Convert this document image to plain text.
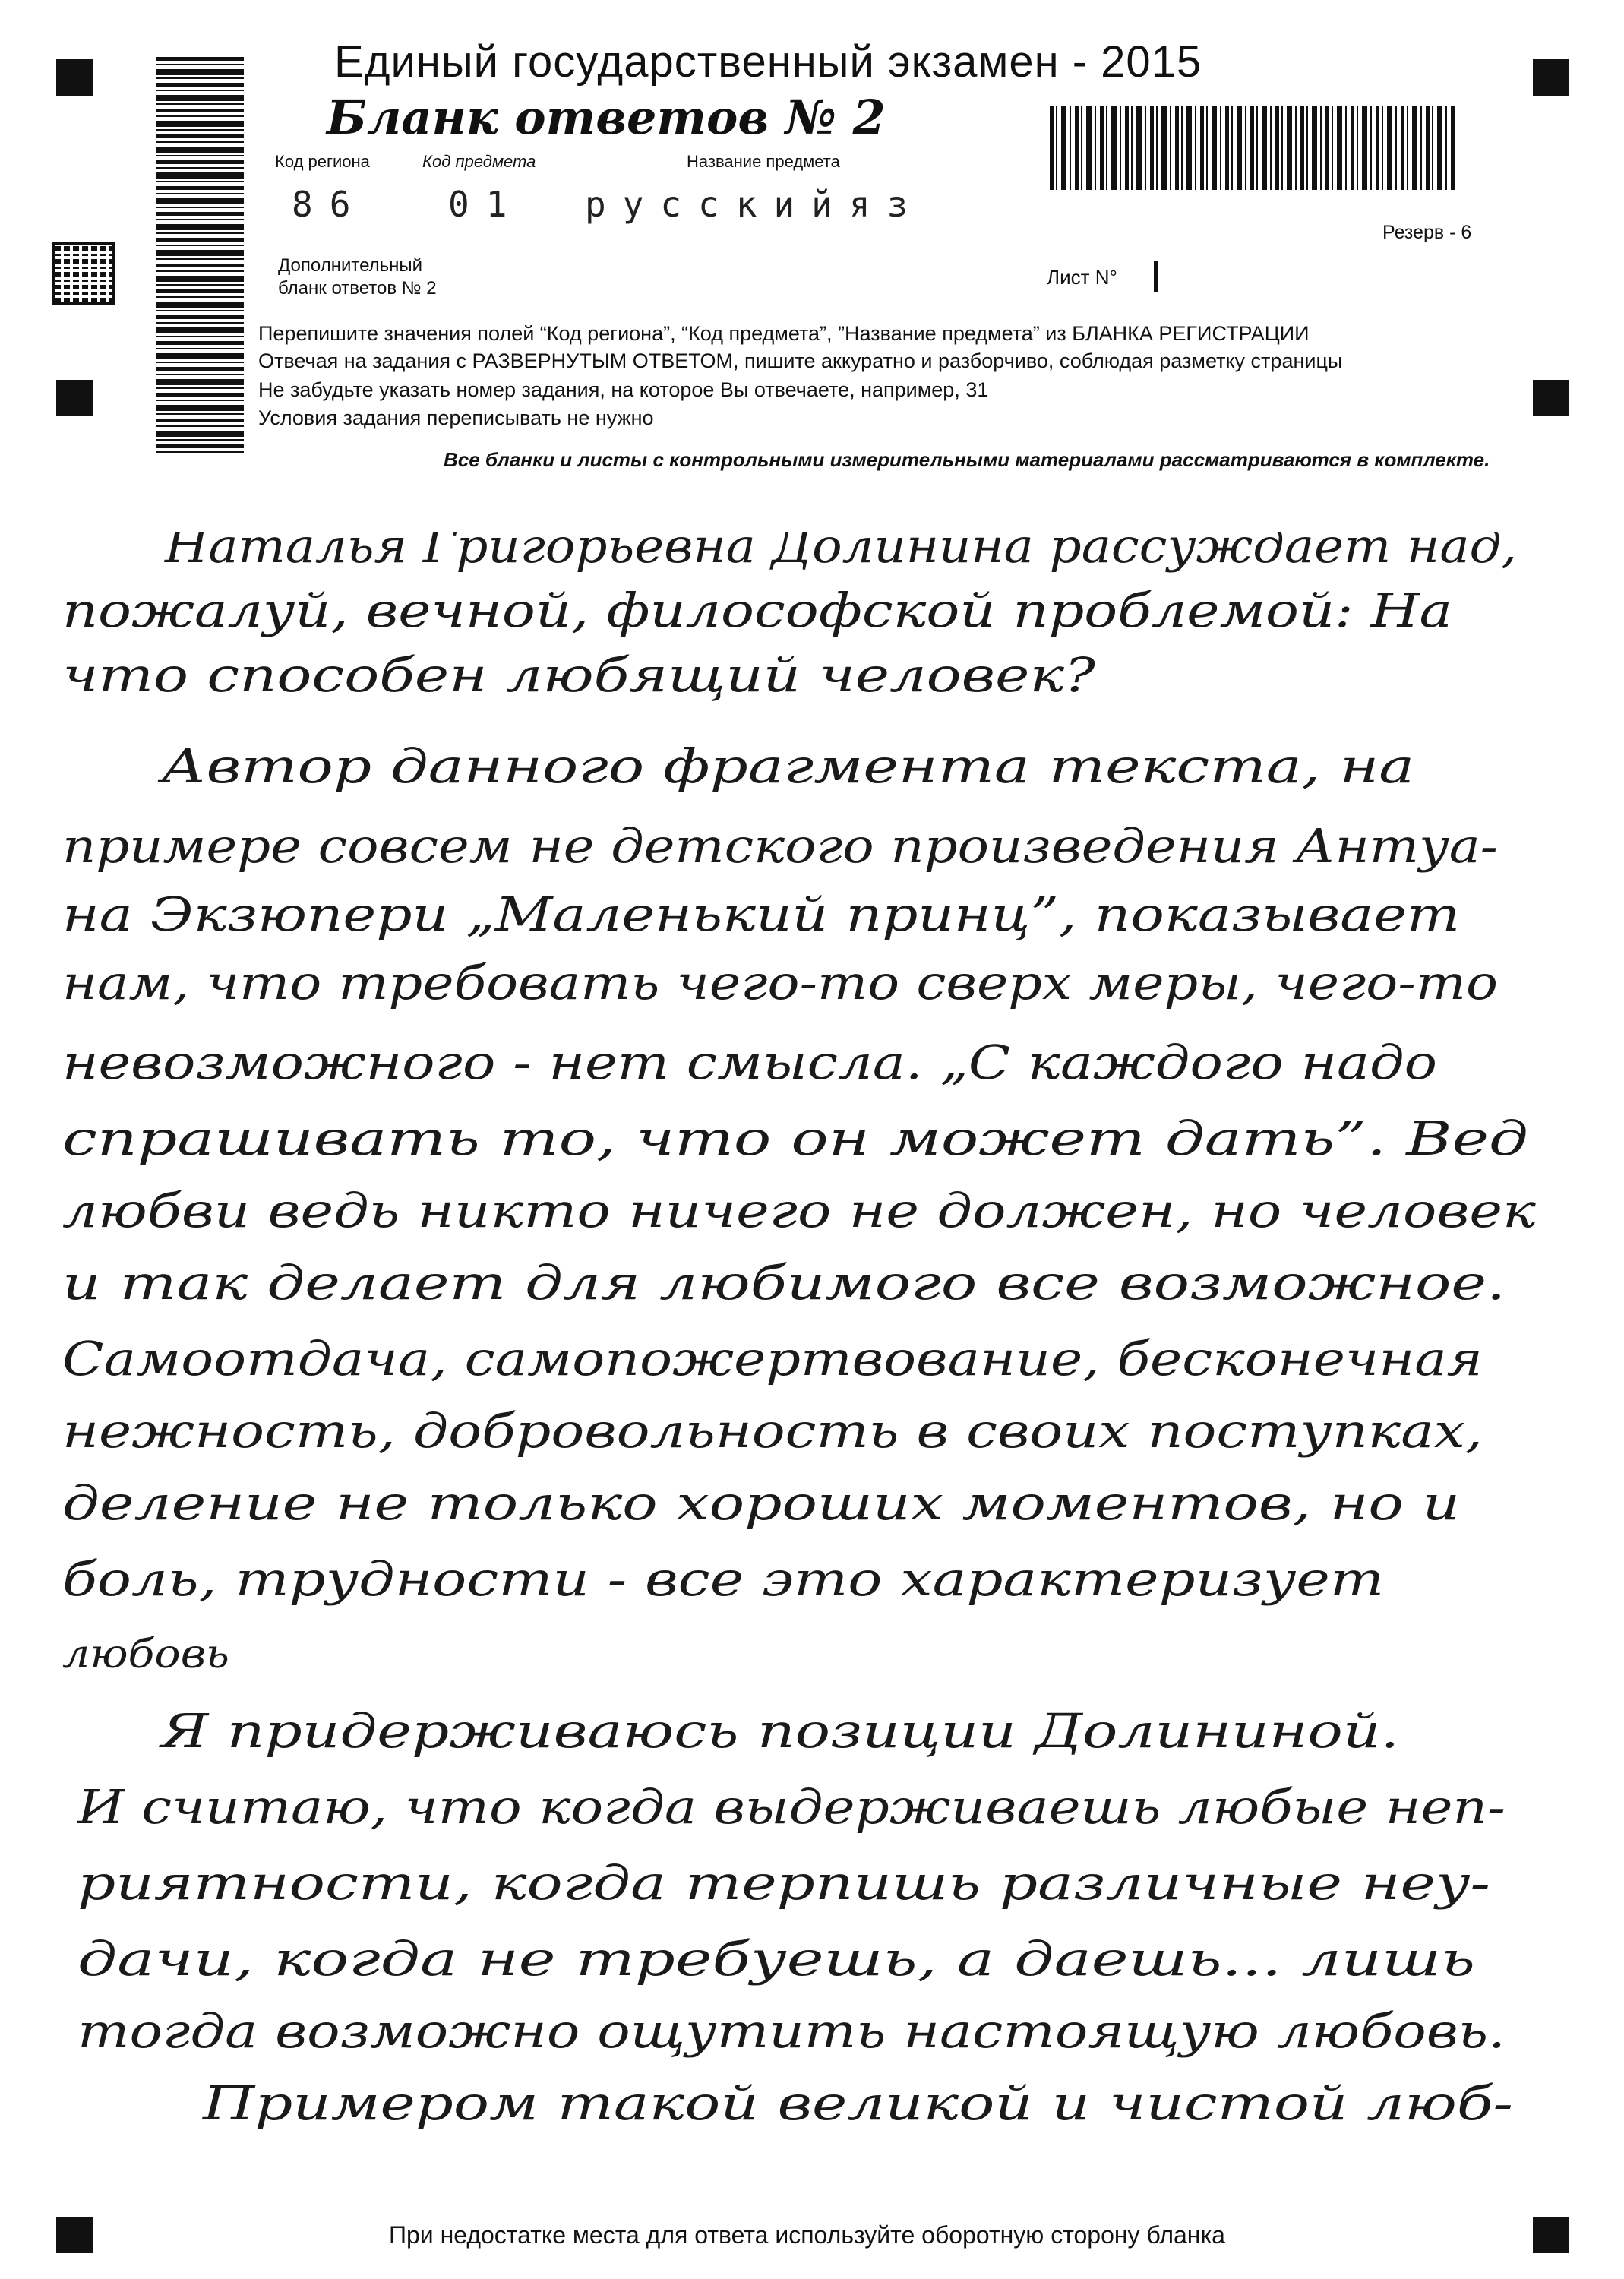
Единый государственный экзамен - 2015
Бланк ответов № 2
Код региона	Код предмета	Название предмета
86 01 русскийяз
Резерв - 6
Дополнительный
бланк ответов № 2	Лист N°
Перепишите значения полей “Код региона”, “Код предмета”, ”Название предмета” из БЛАНКА РЕГИСТРАЦИИ
Отвечая на задания с РАЗВЕРНУТЫМ ОТВЕТОМ, пишите аккуратно и разборчиво, соблюдая разметку страницы
Не забудьте указать номер задания, на которое Вы отвечаете, например, 31
Условия задания переписывать не нужно
Все бланки и листы с контрольными измерительными материалами рассматриваются в комплекте.
Наталья Григорьевна Долинина рассуждает над,
пожалуй, вечной, философской проблемой: На
что способен любящий человек?
Автор данного фрагмента текста, на
примере совсем не детского произведения Антуа-
на Экзюпери „Маленький принц”, показывает
нам, что требовать чего-то сверх меры, чего-то
невозможного - нет смысла. „С каждого надо
спрашивать то, что он может дать”. Вед
любви ведь никто ничего не должен, но человек
и так делает для любимого все возможное.
Самоотдача, самопожертвование, бесконечная
нежность, добровольность в своих поступках,
деление не только хороших моментов, но и
боль, трудности - все это характеризует
любовь
Я придерживаюсь позиции Долининой.
И считаю, что когда выдерживаешь любые неп-
риятности, когда терпишь различные неу-
дачи, когда не требуешь, а даешь... лишь
тогда возможно ощутить настоящую любовь.
Примером такой великой и чистой люб-
При недостатке места для ответа используйте оборотную сторону бланка
